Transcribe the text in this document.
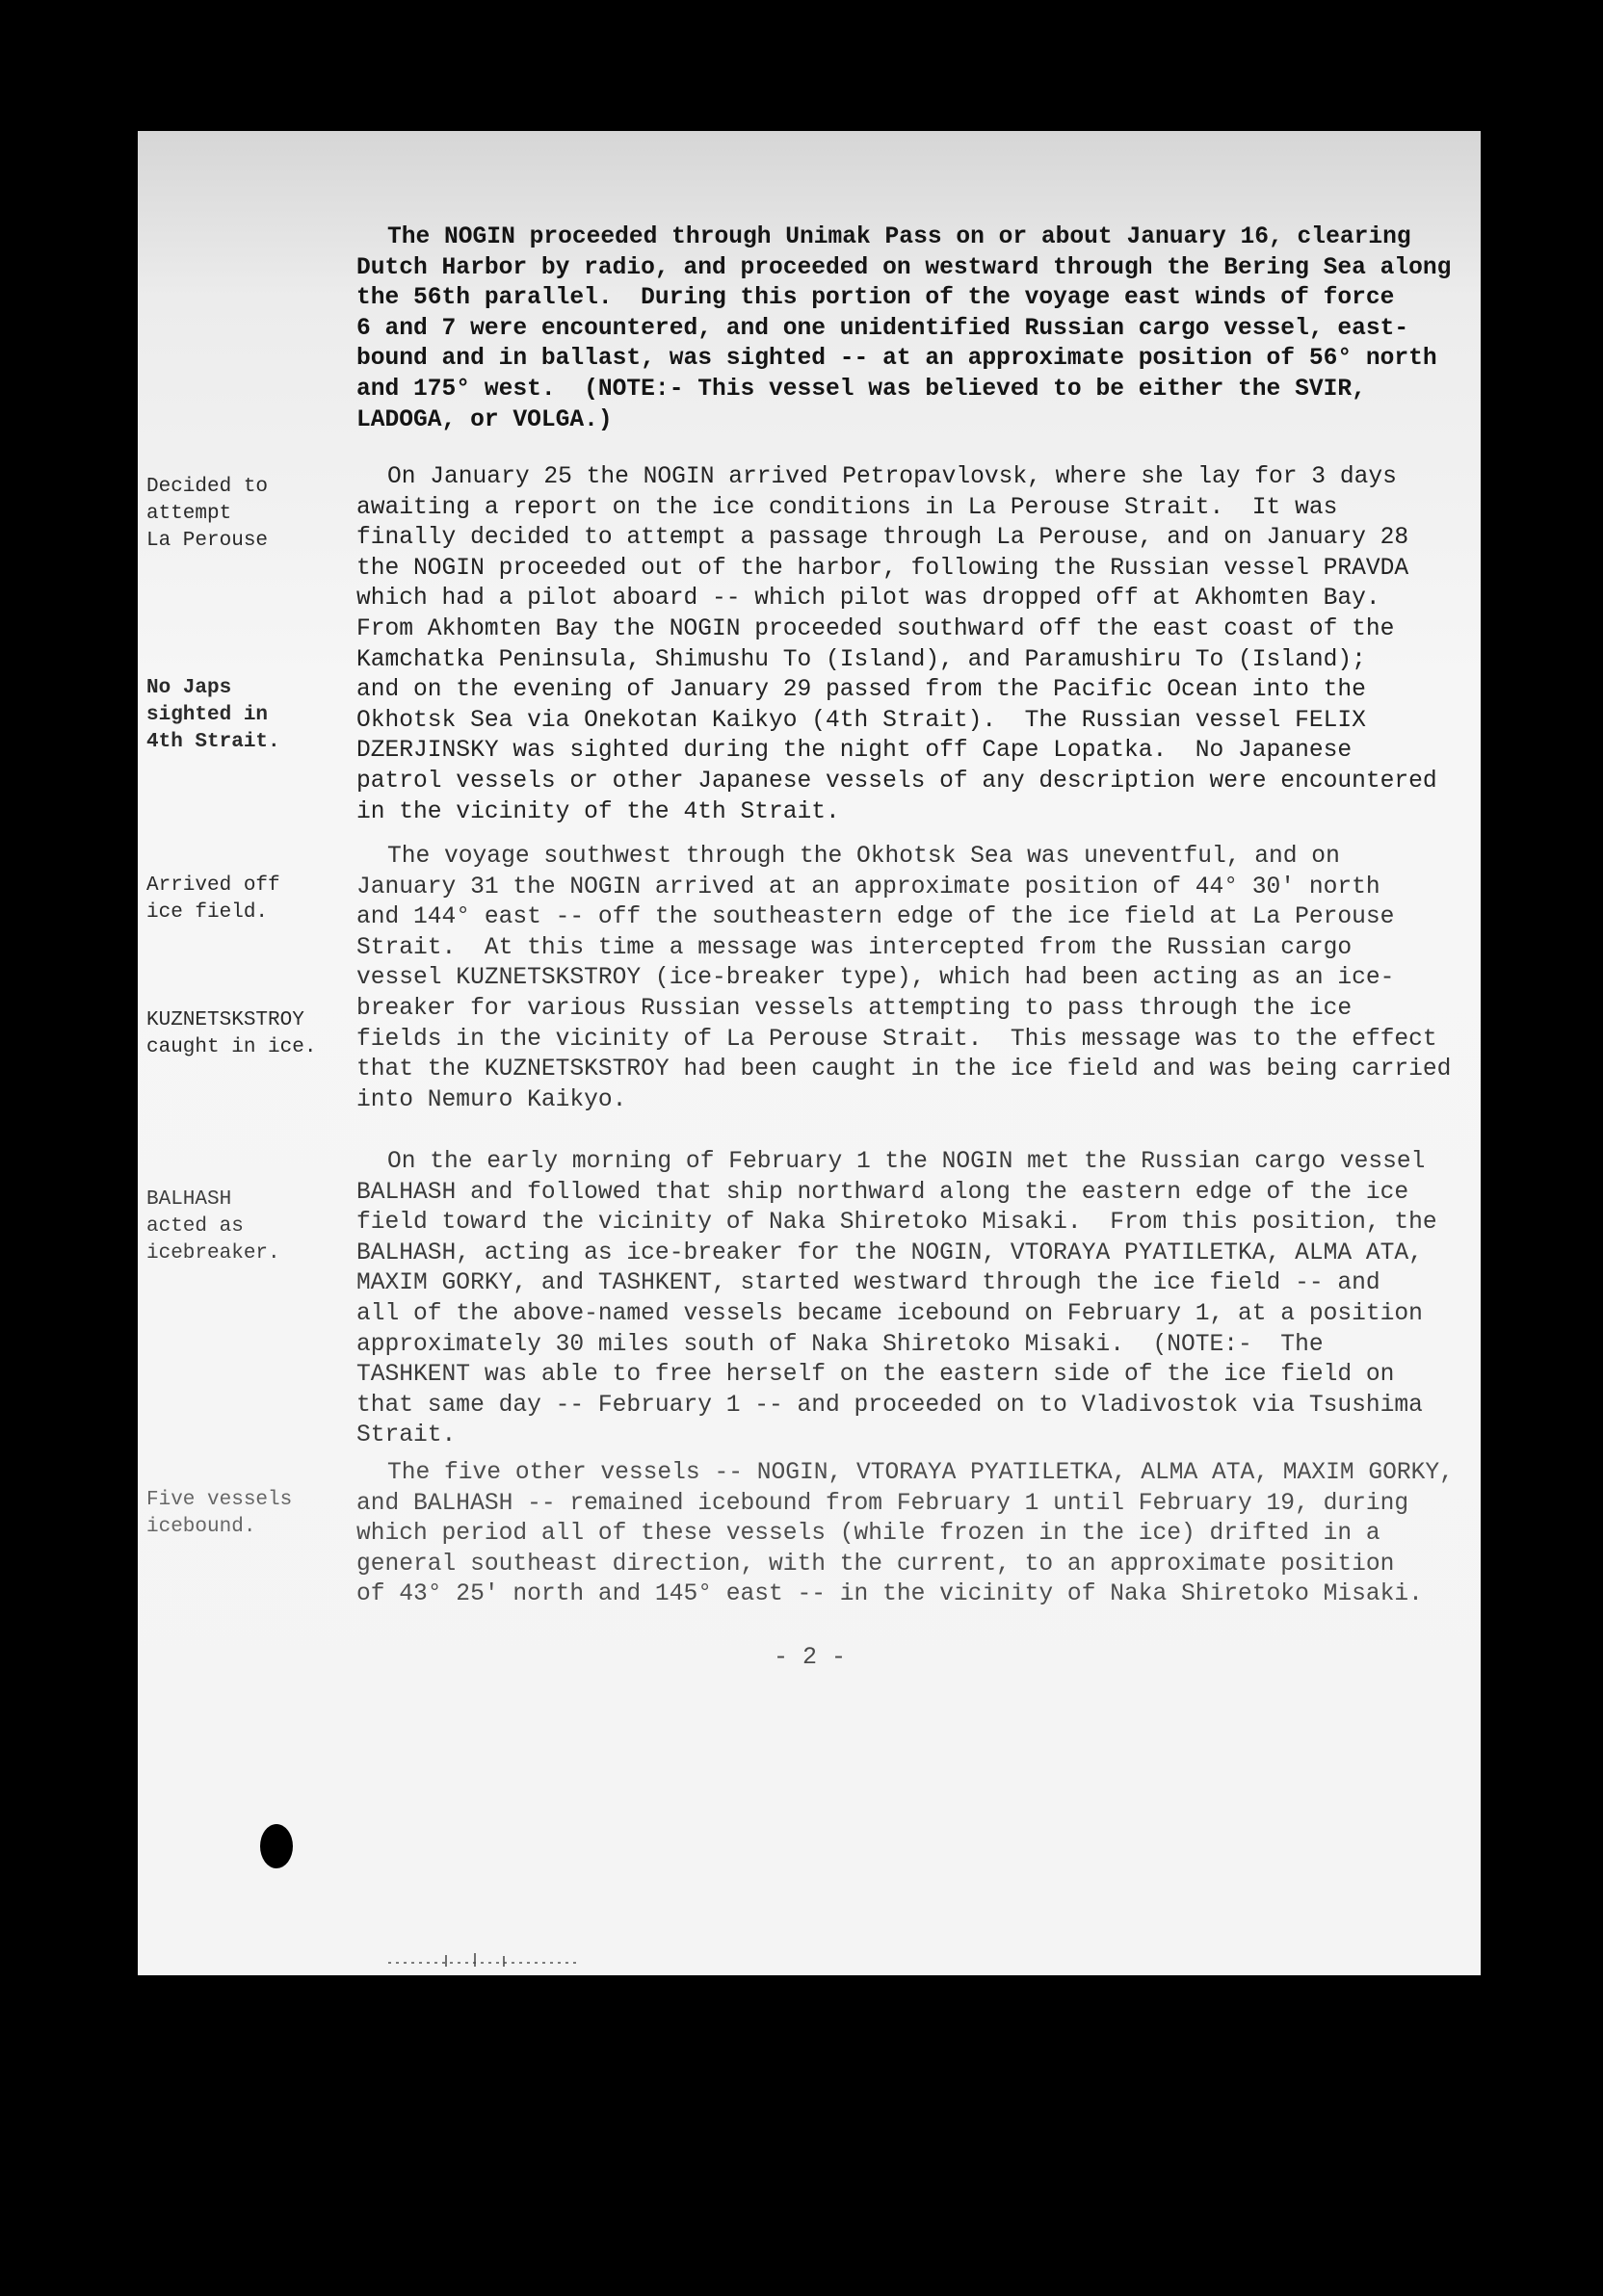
The NOGIN proceeded through Unimak Pass on or about January 16, clearing
Dutch Harbor by radio, and proceeded on westward through the Bering Sea along
the 56th parallel.  During this portion of the voyage east winds of force
6 and 7 were encountered, and one unidentified Russian cargo vessel, east-
bound and in ballast, was sighted -- at an approximate position of 56° north
and 175° west.  (NOTE:- This vessel was believed to be either the SVIR,
LADOGA, or VOLGA.)

On January 25 the NOGIN arrived Petropavlovsk, where she lay for 3 days
awaiting a report on the ice conditions in La Perouse Strait.  It was
finally decided to attempt a passage through La Perouse, and on January 28
the NOGIN proceeded out of the harbor, following the Russian vessel PRAVDA
which had a pilot aboard -- which pilot was dropped off at Akhomten Bay.
From Akhomten Bay the NOGIN proceeded southward off the east coast of the
Kamchatka Peninsula, Shimushu To (Island), and Paramushiru To (Island);
and on the evening of January 29 passed from the Pacific Ocean into the
Okhotsk Sea via Onekotan Kaikyo (4th Strait).  The Russian vessel FELIX
DZERJINSKY was sighted during the night off Cape Lopatka.  No Japanese
patrol vessels or other Japanese vessels of any description were encountered
in the vicinity of the 4th Strait.

The voyage southwest through the Okhotsk Sea was uneventful, and on
January 31 the NOGIN arrived at an approximate position of 44° 30' north
and 144° east -- off the southeastern edge of the ice field at La Perouse
Strait.  At this time a message was intercepted from the Russian cargo
vessel KUZNETSKSTROY (ice-breaker type), which had been acting as an ice-
breaker for various Russian vessels attempting to pass through the ice
fields in the vicinity of La Perouse Strait.  This message was to the effect
that the KUZNETSKSTROY had been caught in the ice field and was being carried
into Nemuro Kaikyo.

On the early morning of February 1 the NOGIN met the Russian cargo vessel
BALHASH and followed that ship northward along the eastern edge of the ice
field toward the vicinity of Naka Shiretoko Misaki.  From this position, the
BALHASH, acting as ice-breaker for the NOGIN, VTORAYA PYATILETKA, ALMA ATA,
MAXIM GORKY, and TASHKENT, started westward through the ice field -- and
all of the above-named vessels became icebound on February 1, at a position
approximately 30 miles south of Naka Shiretoko Misaki.  (NOTE:-  The
TASHKENT was able to free herself on the eastern side of the ice field on
that same day -- February 1 -- and proceeded on to Vladivostok via Tsushima
Strait.

The five other vessels -- NOGIN, VTORAYA PYATILETKA, ALMA ATA, MAXIM GORKY,
and BALHASH -- remained icebound from February 1 until February 19, during
which period all of these vessels (while frozen in the ice) drifted in a
general southeast direction, with the current, to an approximate position
of 43° 25' north and 145° east -- in the vicinity of Naka Shiretoko Misaki.

Decided to
attempt
La Perouse
No Japs
sighted in
4th Strait.
Arrived off
ice field.
KUZNETSKSTROY
caught in ice.
BALHASH
acted as
icebreaker.
Five vessels
icebound.
- 2 -
